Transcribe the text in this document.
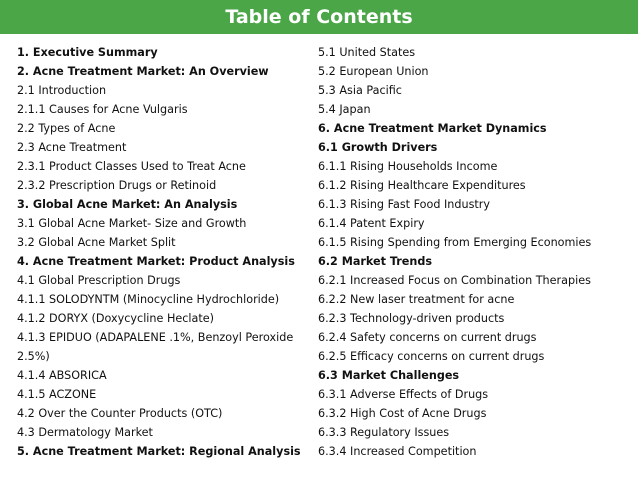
Table of Contents
1. Executive Summary
2. Acne Treatment Market: An Overview
2.1 Introduction
2.1.1 Causes for Acne Vulgaris
2.2 Types of Acne
2.3 Acne Treatment
2.3.1 Product Classes Used to Treat Acne
2.3.2 Prescription Drugs or Retinoid
3. Global Acne Market: An Analysis
3.1 Global Acne Market- Size and Growth
3.2 Global Acne Market Split
4. Acne Treatment Market: Product Analysis
4.1 Global Prescription Drugs
4.1.1 SOLODYNTM (Minocycline Hydrochloride)
4.1.2 DORYX (Doxycycline Heclate)
4.1.3 EPIDUO (ADAPALENE .1%, Benzoyl Peroxide
2.5%)
4.1.4 ABSORICA
4.1.5 ACZONE
4.2 Over the Counter Products (OTC)
4.3 Dermatology Market
5. Acne Treatment Market: Regional Analysis
5.1 United States
5.2 European Union
5.3 Asia Pacific
5.4 Japan
6. Acne Treatment Market Dynamics
6.1 Growth Drivers
6.1.1 Rising Households Income
6.1.2 Rising Healthcare Expenditures
6.1.3 Rising Fast Food Industry
6.1.4 Patent Expiry
6.1.5 Rising Spending from Emerging Economies
6.2 Market Trends
6.2.1 Increased Focus on Combination Therapies
6.2.2 New laser treatment for acne
6.2.3 Technology-driven products
6.2.4 Safety concerns on current drugs
6.2.5 Efficacy concerns on current drugs
6.3 Market Challenges
6.3.1 Adverse Effects of Drugs
6.3.2 High Cost of Acne Drugs
6.3.3 Regulatory Issues
6.3.4 Increased Competition
